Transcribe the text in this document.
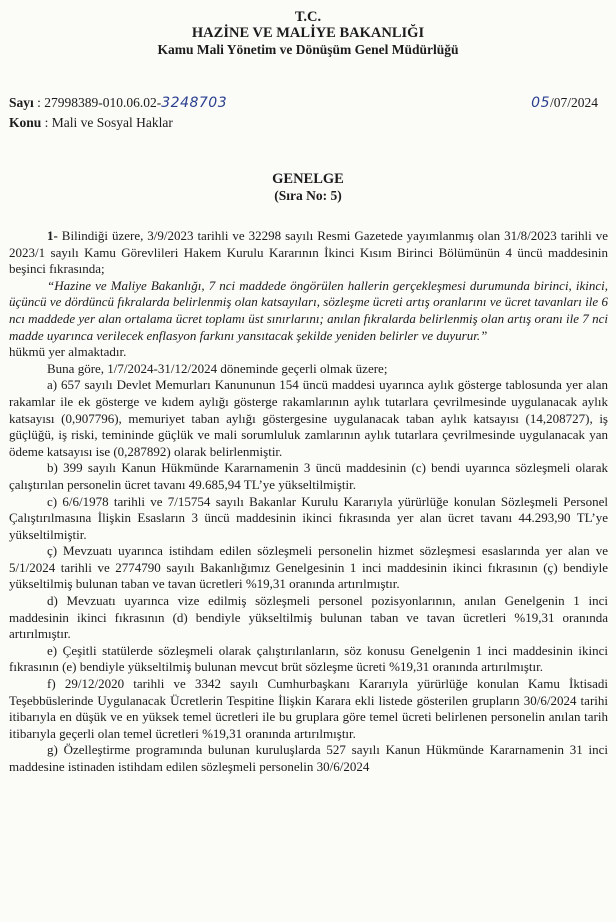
T.C.
HAZİNE VE MALİYE BAKANLIĞI
Kamu Mali Yönetim ve Dönüşüm Genel Müdürlüğü
Sayı : 27998389-010.06.02-3248703	05/07/2024
Konu : Mali ve Sosyal Haklar
GENELGE
(Sıra No: 5)

1- Bilindiği üzere, 3/9/2023 tarihli ve 32298 sayılı Resmi Gazetede yayımlanmış olan 31/8/2023 tarihli ve 2023/1 sayılı Kamu Görevlileri Hakem Kurulu Kararının İkinci Kısım Birinci Bölümünün 4 üncü maddesinin beşinci fıkrasında;

“Hazine ve Maliye Bakanlığı, 7 nci maddede öngörülen hallerin gerçekleşmesi durumunda birinci, ikinci, üçüncü ve dördüncü fıkralarda belirlenmiş olan katsayıları, sözleşme ücreti artış oranlarını ve ücret tavanları ile 6 ncı maddede yer alan ortalama ücret toplamı üst sınırlarını; anılan fıkralarda belirlenmiş olan artış oranı ile 7 nci madde uyarınca verilecek enflasyon farkını yansıtacak şekilde yeniden belirler ve duyurur.”

hükmü yer almaktadır.

Buna göre, 1/7/2024-31/12/2024 döneminde geçerli olmak üzere;

a) 657 sayılı Devlet Memurları Kanununun 154 üncü maddesi uyarınca aylık gösterge tablosunda yer alan rakamlar ile ek gösterge ve kıdem aylığı gösterge rakamlarının aylık tutarlara çevrilmesinde uygulanacak aylık katsayısı (0,907796), memuriyet taban aylığı göstergesine uygulanacak taban aylık katsayısı (14,208727), iş güçlüğü, iş riski, temininde güçlük ve mali sorumluluk zamlarının aylık tutarlara çevrilmesinde uygulanacak yan ödeme katsayısı ise (0,287892) olarak belirlenmiştir.

b) 399 sayılı Kanun Hükmünde Kararnamenin 3 üncü maddesinin (c) bendi uyarınca sözleşmeli olarak çalıştırılan personelin ücret tavanı 49.685,94 TL’ye yükseltilmiştir.

c) 6/6/1978 tarihli ve 7/15754 sayılı Bakanlar Kurulu Kararıyla yürürlüğe konulan Sözleşmeli Personel Çalıştırılmasına İlişkin Esasların 3 üncü maddesinin ikinci fıkrasında yer alan ücret tavanı 44.293,90 TL’ye yükseltilmiştir.

ç) Mevzuatı uyarınca istihdam edilen sözleşmeli personelin hizmet sözleşmesi esaslarında yer alan ve 5/1/2024 tarihli ve 2774790 sayılı Bakanlığımız Genelgesinin 1 inci maddesinin ikinci fıkrasının (ç) bendiyle yükseltilmiş bulunan taban ve tavan ücretleri %19,31 oranında artırılmıştır.

d) Mevzuatı uyarınca vize edilmiş sözleşmeli personel pozisyonlarının, anılan Genelgenin 1 inci maddesinin ikinci fıkrasının (d) bendiyle yükseltilmiş bulunan taban ve tavan ücretleri %19,31 oranında artırılmıştır.

e) Çeşitli statülerde sözleşmeli olarak çalıştırılanların, söz konusu Genelgenin 1 inci maddesinin ikinci fıkrasının (e) bendiyle yükseltilmiş bulunan mevcut brüt sözleşme ücreti %19,31 oranında artırılmıştır.

f) 29/12/2020 tarihli ve 3342 sayılı Cumhurbaşkanı Kararıyla yürürlüğe konulan Kamu İktisadi Teşebbüslerinde Uygulanacak Ücretlerin Tespitine İlişkin Karara ekli listede gösterilen grupların 30/6/2024 tarihi itibarıyla en düşük ve en yüksek temel ücretleri ile bu gruplara göre temel ücreti belirlenen personelin anılan tarih itibarıyla geçerli olan temel ücretleri %19,31 oranında artırılmıştır.

g) Özelleştirme programında bulunan kuruluşlarda 527 sayılı Kanun Hükmünde Kararnamenin 31 inci maddesine istinaden istihdam edilen sözleşmeli personelin 30/6/2024
